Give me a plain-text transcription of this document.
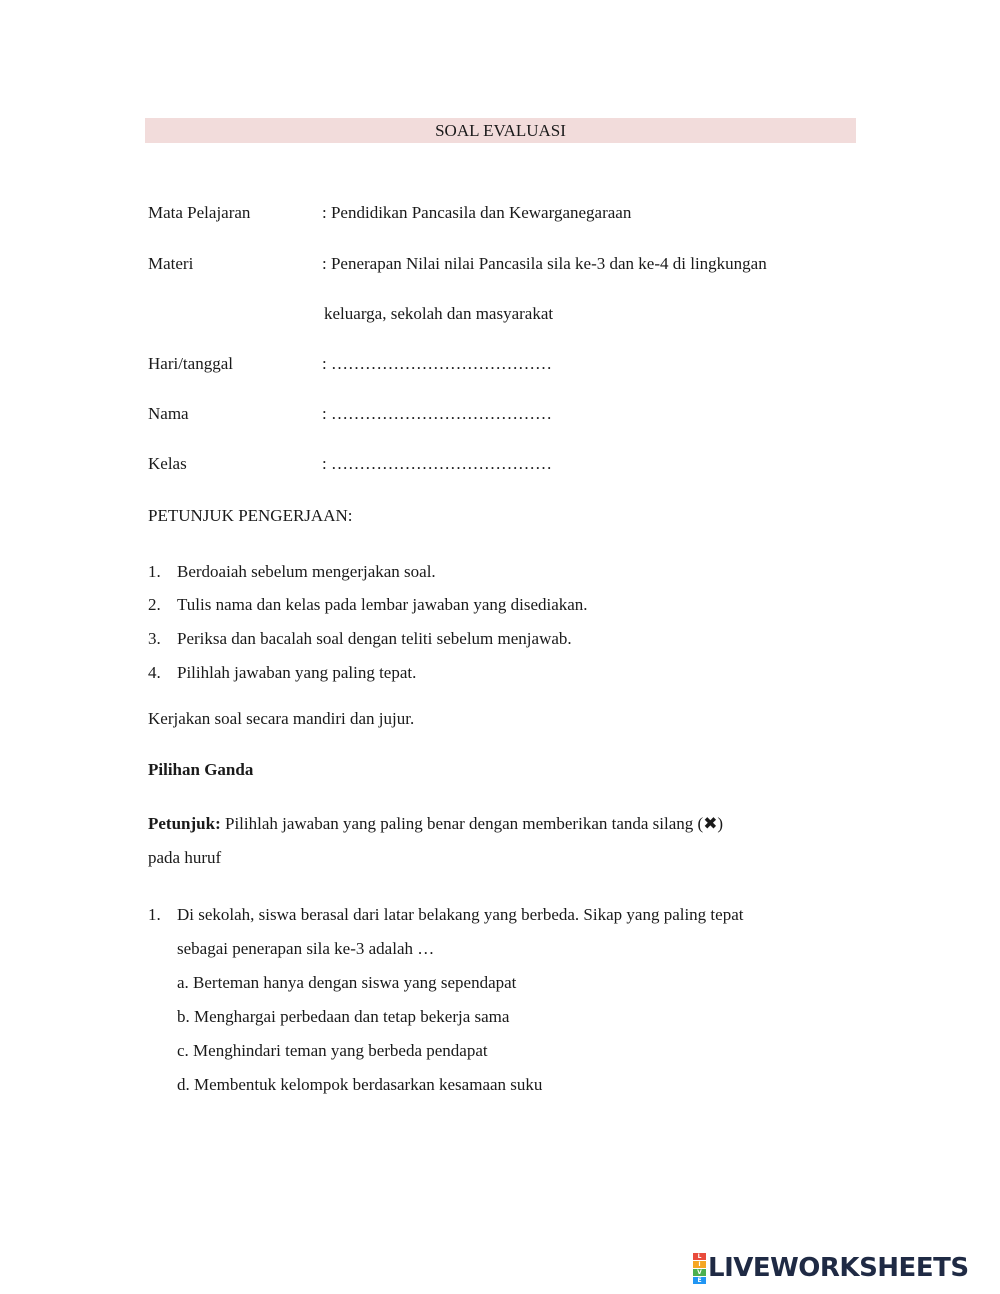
SOAL EVALUASI
Mata Pelajaran	: Pendidikan Pancasila dan Kewarganegaraan
Materi	: Penerapan Nilai nilai Pancasila sila ke-3 dan ke-4 di lingkungan
keluarga, sekolah dan masyarakat
Hari/tanggal	: …………………………………
Nama	: …………………………………
Kelas	: …………………………………
PETUNJUK PENGERJAAN:
1. Berdoaiah sebelum mengerjakan soal.
2. Tulis nama dan kelas pada lembar jawaban yang disediakan.
3. Periksa dan bacalah soal dengan teliti sebelum menjawab.
4. Pilihlah jawaban yang paling tepat.
Kerjakan soal secara mandiri dan jujur.
Pilihan Ganda
Petunjuk: Pilihlah jawaban yang paling benar dengan memberikan tanda silang (✖)
pada huruf
1. Di sekolah, siswa berasal dari latar belakang yang berbeda. Sikap yang paling tepat
sebagai penerapan sila ke-3 adalah …
a. Berteman hanya dengan siswa yang sependapat
b. Menghargai perbedaan dan tetap bekerja sama
c. Menghindari teman yang berbeda pendapat
d. Membentuk kelompok berdasarkan kesamaan suku
L
I
V
E LIVEWORKSHEETS
